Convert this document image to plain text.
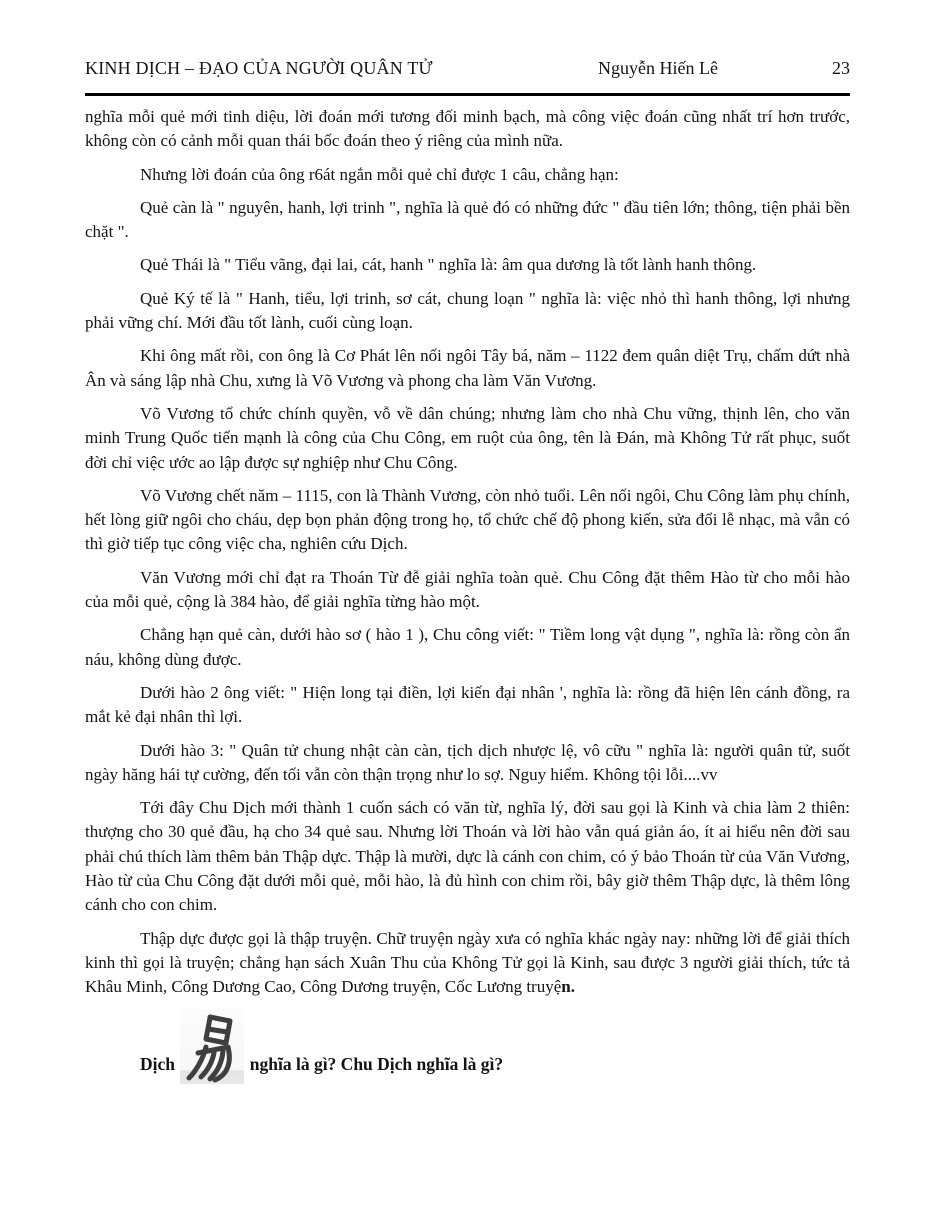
KINH DỊCH – ĐẠO CỦA NGƯỜI QUÂN TỬ	Nguyễn Hiến Lê	23

nghĩa mỗi quẻ mới tinh diệu, lời đoán mới tương đối minh bạch, mà công việc đoán cũng nhất trí hơn trước, không còn có cảnh mỗi quan thái bốc đoán theo ý riêng của mình nữa.

Nhưng lời đoán của ông r6át ngắn mỗi quẻ chỉ được 1 câu, chẳng hạn:

Quẻ càn là " nguyên, hanh, lợi trinh ", nghĩa là quẻ đó có những đức " đầu tiên lớn; thông, tiện phải bền chặt ".

Quẻ Thái là " Tiểu vãng, đại lai, cát, hanh " nghĩa là: âm qua dương là tốt lành hanh thông.

Quẻ Ký tế là " Hanh, tiểu, lợi trinh, sơ cát, chung loạn " nghĩa là: việc nhỏ thì hanh thông, lợi nhưng phải vững chí. Mới đầu tốt lành, cuối cùng loạn.

Khi ông mất rồi, con ông là Cơ Phát lên nối ngôi Tây bá, năm – 1122 đem quân diệt Trụ, chấm dứt nhà Ân và sáng lập nhà Chu, xưng là Võ Vương và phong cha làm Văn Vương.

Võ Vương tổ chức chính quyền, vỗ về dân chúng; nhưng làm cho nhà Chu vững, thịnh lên, cho văn minh Trung Quốc tiến mạnh là công của Chu Công, em ruột của ông, tên là Đán, mà Không Tử rất phục, suốt đời chỉ việc ước ao lập được sự nghiệp như Chu Công.

Võ Vương chết năm – 1115, con là Thành Vương, còn nhỏ tuổi. Lên nối ngôi, Chu Công làm phụ chính, hết lòng giữ ngôi cho cháu, dẹp bọn phản động trong họ, tổ chức chế độ phong kiến, sửa đổi lễ nhạc, mà vẫn có thì giờ tiếp tục công việc cha, nghiên cứu Dịch.

Văn Vương mới chỉ đạt ra Thoán Từ đễ giải nghĩa toàn quẻ. Chu Công đặt thêm Hào từ cho mỗi hào của mỗi quẻ, cộng là 384 hào, để giải nghĩa từng hào một.

Chẳng hạn quẻ càn, dưới hào sơ ( hào 1 ), Chu công viết: " Tiềm long vật dụng ", nghĩa là: rồng còn ẩn náu, không dùng được.

Dưới hào 2 ông viết: " Hiện long tại điền, lợi kiến đại nhân ', nghĩa là: rồng đã hiện lên cánh đồng, ra mắt kẻ đại nhân thì lợi.

Dưới hào 3: " Quân tử chung nhật càn càn, tịch dịch nhược lệ, vô cữu " nghĩa là: người quân tử, suốt ngày hăng hái tự cường, đến tối vẫn còn thận trọng như lo sợ. Nguy hiểm. Không tội lỗi....vv

Tới đây Chu Dịch mới thành 1 cuốn sách có văn từ, nghĩa lý, đời sau gọi là Kinh và chia làm 2 thiên: thượng cho 30 quẻ đầu, hạ cho 34 quẻ sau. Nhưng lời Thoán và lời hào vẫn quá giản áo, ít ai hiểu nên đời sau phải chú thích làm thêm bản Thập dực. Thập là mười, dực là cánh con chim, có ý bảo Thoán từ của Văn Vương, Hào từ của Chu Công đặt dưới mỗi quẻ, mỗi hào, là đủ hình con chim rồi, bây giờ thêm Thập dực, là thêm lông cánh cho con chim.

Thập dực được gọi là thập truyện. Chữ truyện ngày xưa có nghĩa khác ngày nay: những lời để giải thích kinh thì gọi là truyện; chẳng hạn sách Xuân Thu của Không Tử gọi là Kinh, sau được 3 người giải thích, tức tả Khâu Minh, Công Dương Cao, Công Dương truyện, Cốc Lương truyện.

Dịch	nghĩa là gì? Chu Dịch nghĩa là gì?
